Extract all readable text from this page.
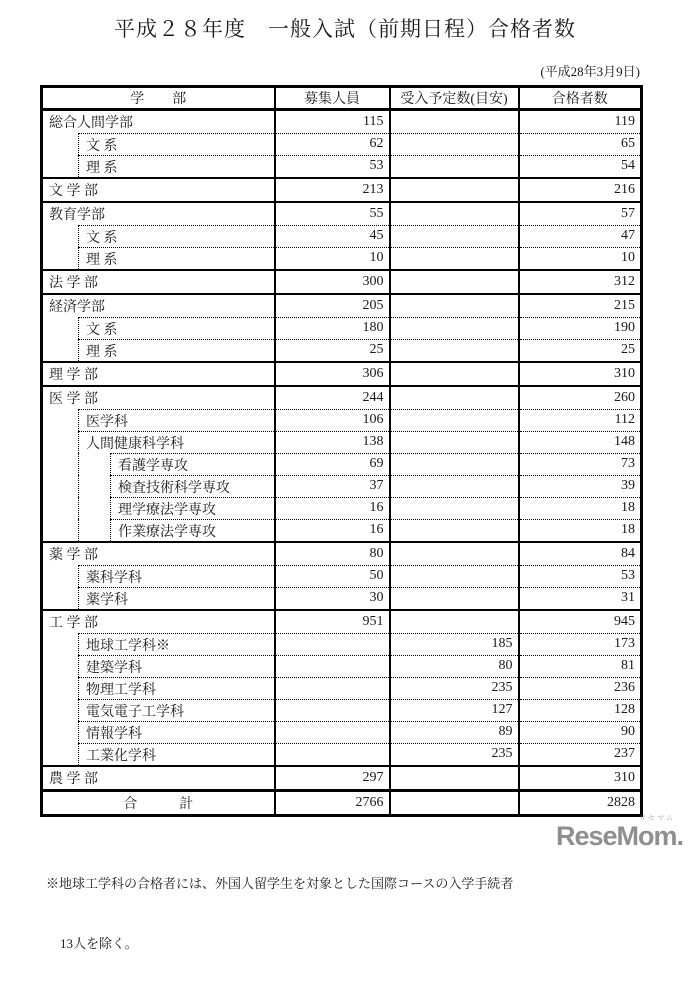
平成２８年度　一般入試（前期日程）合格者数
(平成28年3月9日)
学　　部	募集人員	受入予定数(目安)	合格者数

総合人間学部	115		119

文 系	62		65

理 系	53		54

文 学 部	213		216

教育学部	55		57

文 系	45		47

理 系	10		10

法 学 部	300		312

経済学部	205		215

文 系	180		190

理 系	25		25

理 学 部	306		310

医 学 部	244		260

医学科	106		112

人間健康科学科	138		148

看護学専攻	69		73

検査技術科学専攻	37		39

理学療法学専攻	16		18

作業療法学専攻	16		18

薬 学 部	80		84

薬科学科	50		53

薬学科	30		31

工 学 部	951		945

地球工学科※		185	173

建築学科		80	81

物理工学科		235	236

電気電子工学科		127	128

情報学科		89	90

工業化学科		235	237

農 学 部	297		310

合　　　計	2766		2828

※地球工学科の合格者には、外国人留学生を対象とした国際コースの入学手続者

13人を除く。

リセマム
ReseMom.
